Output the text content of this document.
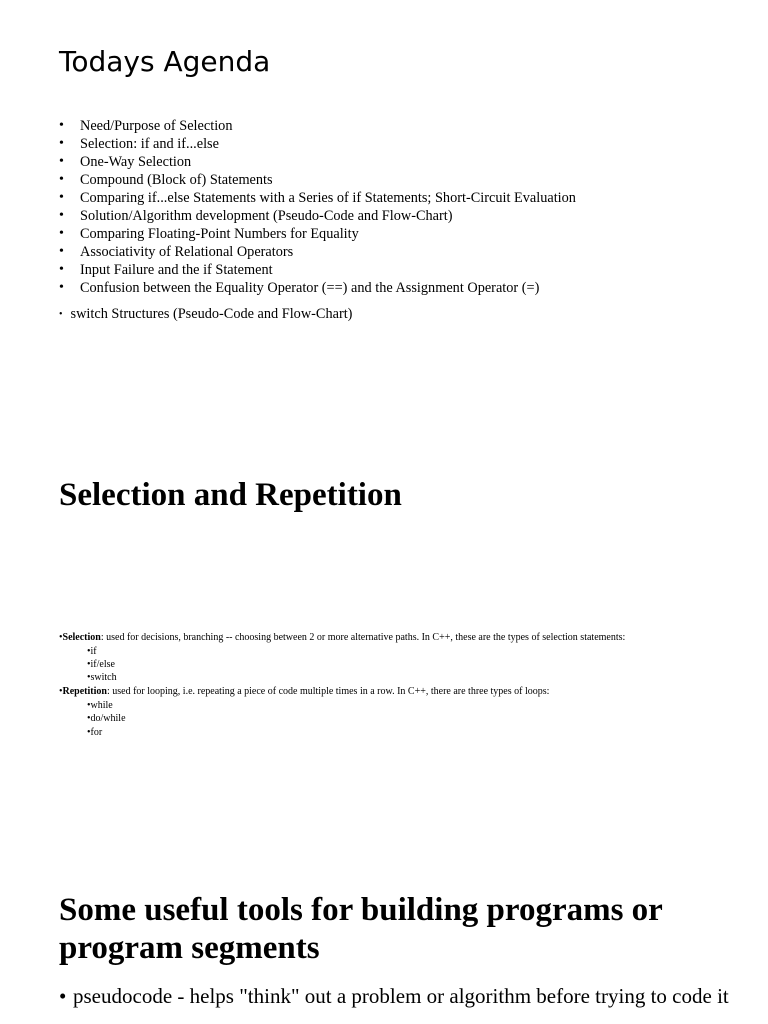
Todays Agenda
• Need/Purpose of Selection
• Selection: if and if...else
• One-Way Selection
• Compound (Block of) Statements
• Comparing if...else Statements with a Series of if Statements; Short-Circuit Evaluation
• Solution/Algorithm development (Pseudo-Code and Flow-Chart)
• Comparing Floating-Point Numbers for Equality
• Associativity of Relational Operators
• Input Failure and the if Statement
• Confusion between the Equality Operator (==) and the Assignment Operator (=)
• switch Structures (Pseudo-Code and Flow-Chart)
Selection and Repetition
•Selection: used for decisions, branching -- choosing between 2 or more alternative paths. In C++, these are the types of selection statements:
•if
•if/else
•switch
•Repetition: used for looping, i.e. repeating a piece of code multiple times in a row. In C++, there are three types of loops:
•while
•do/while
•for
Some useful tools for building programs or program segments
• pseudocode - helps "think" out a problem or algorithm before trying to code it
